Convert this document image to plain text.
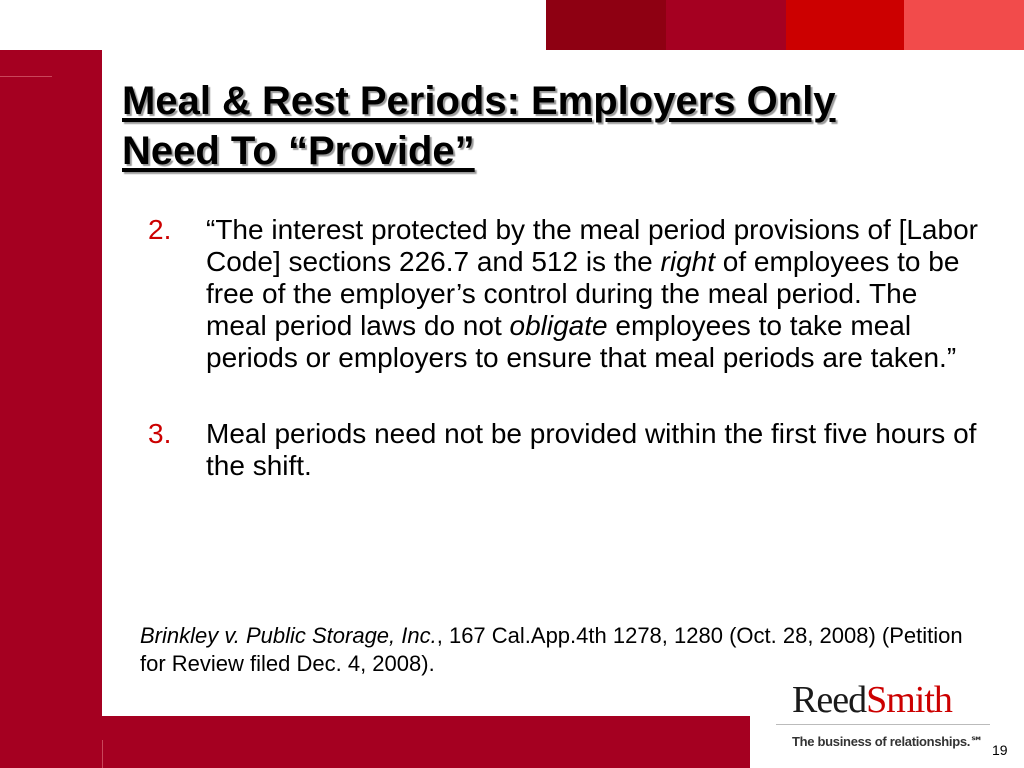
Meal & Rest Periods: Employers Only
Need To “Provide”
2.	“The interest protected by the meal period provisions of [Labor Code] sections 226.7 and 512 is the right of employees to be free of the employer’s control during the meal period. The meal period laws do not obligate employees to take meal periods or employers to ensure that meal periods are taken.”
3.	Meal periods need not be provided within the first five hours of the shift.
Brinkley v. Public Storage, Inc., 167 Cal.App.4th 1278, 1280 (Oct. 28, 2008) (Petition for Review filed Dec. 4, 2008).
ReedSmith
The business of relationships.℠
19
